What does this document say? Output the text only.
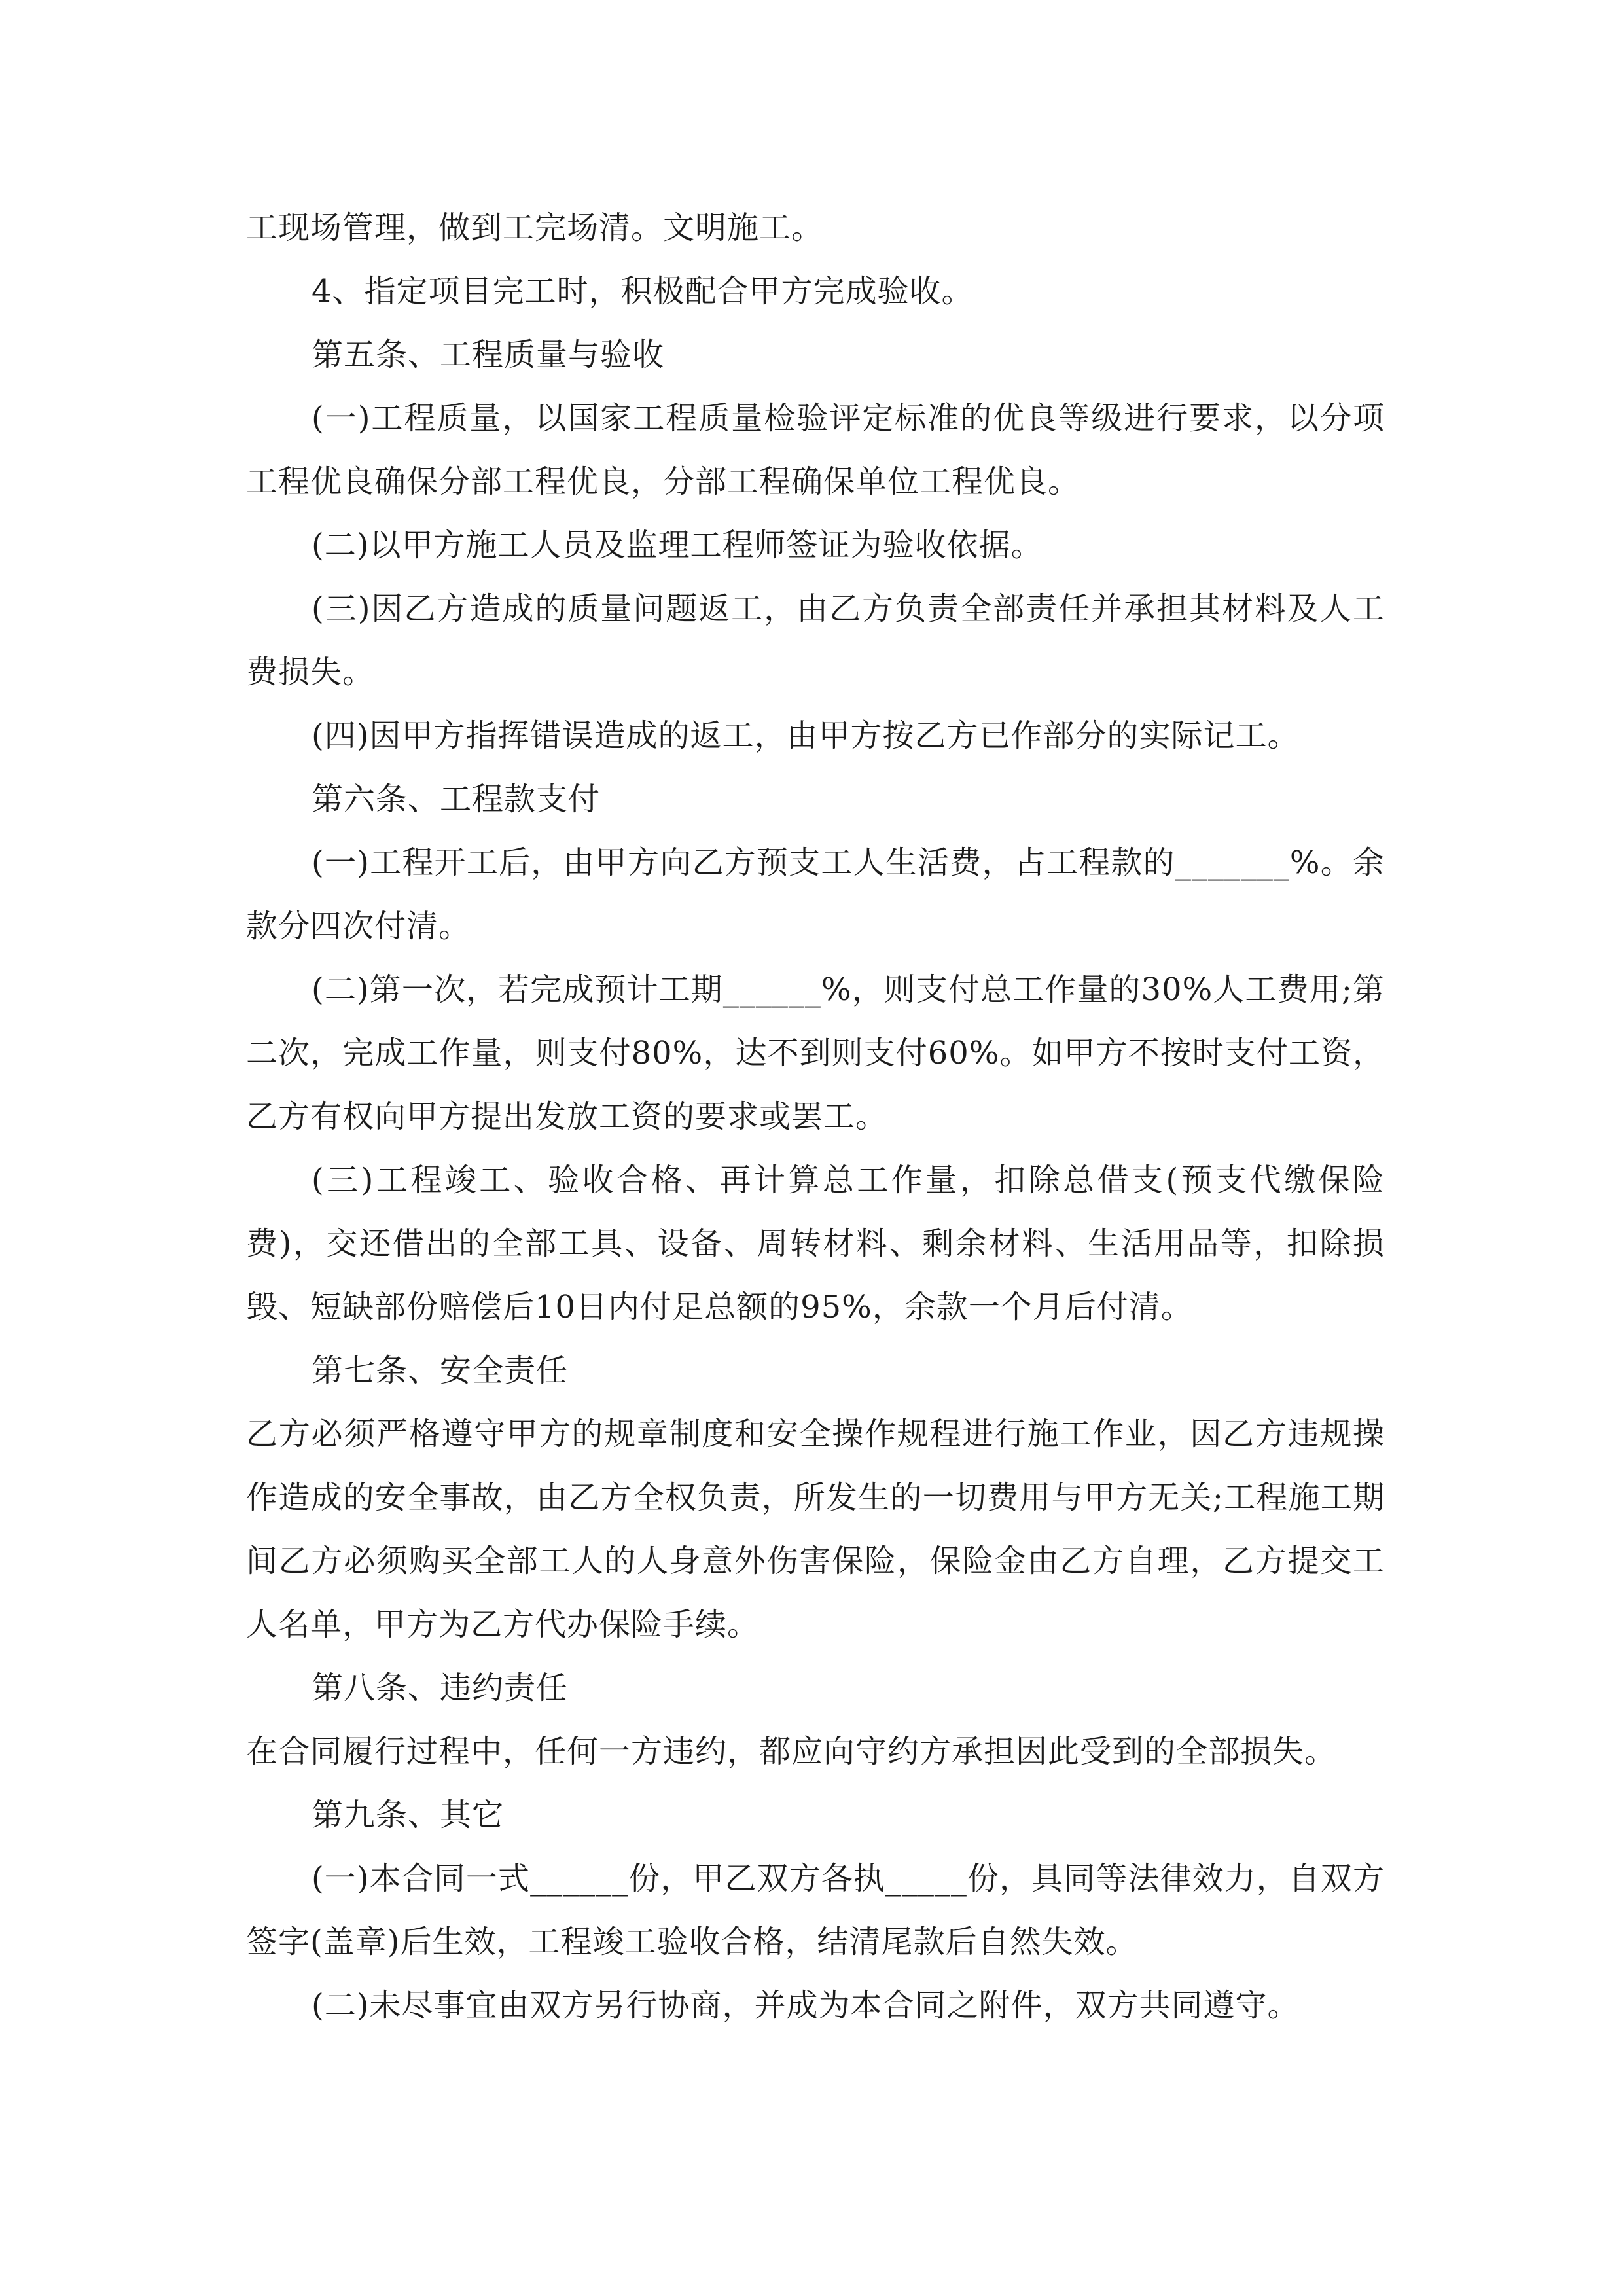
工现场管理，做到工完场清。文明施工。

4、指定项目完工时，积极配合甲方完成验收。

第五条、工程质量与验收

(一)工程质量，以国家工程质量检验评定标准的优良等级进行要求，以分项工程优良确保分部工程优良，分部工程确保单位工程优良。

(二)以甲方施工人员及监理工程师签证为验收依据。

(三)因乙方造成的质量问题返工，由乙方负责全部责任并承担其材料及人工费损失。

(四)因甲方指挥错误造成的返工，由甲方按乙方已作部分的实际记工。

第六条、工程款支付

(一)工程开工后，由甲方向乙方预支工人生活费，占工程款的_______%。余款分四次付清。

(二)第一次，若完成预计工期______%，则支付总工作量的30%人工费用;第二次，完成工作量，则支付80%，达不到则支付60%。如甲方不按时支付工资，乙方有权向甲方提出发放工资的要求或罢工。

(三)工程竣工、验收合格、再计算总工作量，扣除总借支(预支代缴保险费)，交还借出的全部工具、设备、周转材料、剩余材料、生活用品等，扣除损毁、短缺部份赔偿后10日内付足总额的95%，余款一个月后付清。

第七条、安全责任

乙方必须严格遵守甲方的规章制度和安全操作规程进行施工作业，因乙方违规操作造成的安全事故，由乙方全权负责，所发生的一切费用与甲方无关;工程施工期间乙方必须购买全部工人的人身意外伤害保险，保险金由乙方自理，乙方提交工人名单，甲方为乙方代办保险手续。

第八条、违约责任

在合同履行过程中，任何一方违约，都应向守约方承担因此受到的全部损失。

第九条、其它

(一)本合同一式______份，甲乙双方各执_____份，具同等法律效力，自双方签字(盖章)后生效，工程竣工验收合格，结清尾款后自然失效。

(二)未尽事宜由双方另行协商，并成为本合同之附件，双方共同遵守。
